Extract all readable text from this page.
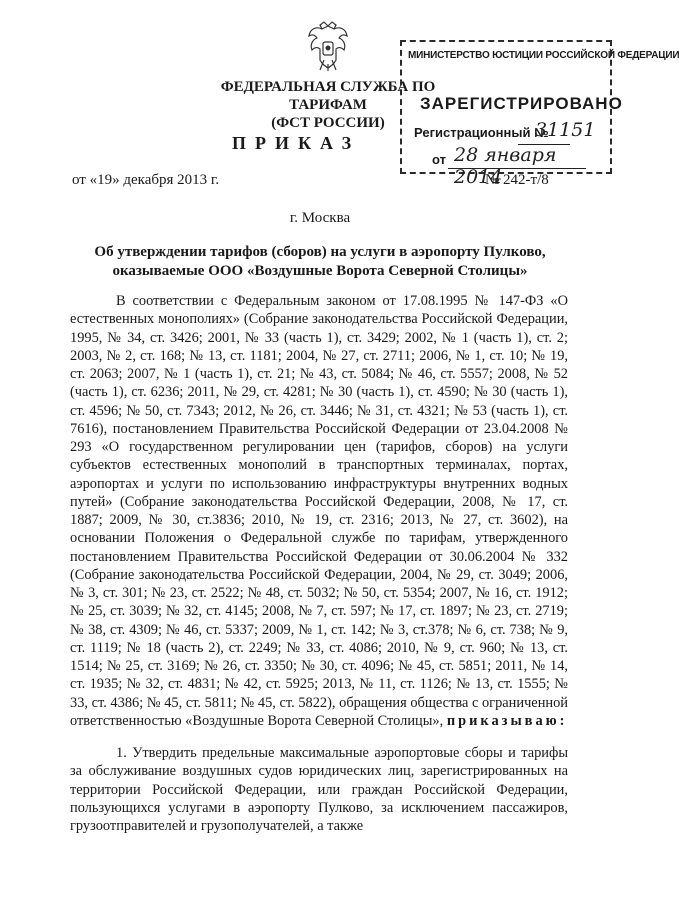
ФЕДЕРАЛЬНАЯ СЛУЖБА ПО ТАРИФАМ
(ФСТ РОССИИ)
МИНИСТЕРСТВО ЮСТИЦИИ РОССИЙСКОЙ ФЕДЕРАЦИИ
ЗАРЕГИСТРИРОВАНО
Регистрационный №
31151
от 28 января 2014
ПРИКАЗ
от «19» декабря 2013 г.	№ 242-т/8
г. Москва
Об утверждении тарифов (сборов) на услуги в аэропорту Пулково,
оказываемые ООО «Воздушные Ворота Северной Столицы»

В соответствии с Федеральным законом от 17.08.1995 № 147-ФЗ «О естественных монополиях» (Собрание законодательства Российской Федерации, 1995, № 34, ст. 3426; 2001, № 33 (часть 1), ст. 3429; 2002, № 1 (часть 1), ст. 2; 2003, № 2, ст. 168; № 13, ст. 1181; 2004, № 27, ст. 2711; 2006, № 1, ст. 10; № 19, ст. 2063; 2007, № 1 (часть 1), ст. 21; № 43, ст. 5084; № 46, ст. 5557; 2008, № 52 (часть 1), ст. 6236; 2011, № 29, ст. 4281; № 30 (часть 1), ст. 4590; № 30 (часть 1), ст. 4596; № 50, ст. 7343; 2012, № 26, ст. 3446; № 31, ст. 4321; № 53 (часть 1), ст. 7616), постановлением Правительства Российской Федерации от 23.04.2008 № 293 «О государственном регулировании цен (тарифов, сборов) на услуги субъектов естественных монополий в транспортных терминалах, портах, аэропортах и услуги по использованию инфраструктуры внутренних водных путей» (Собрание законодательства Российской Федерации, 2008, № 17, ст. 1887; 2009, № 30, ст.3836; 2010, № 19, ст. 2316; 2013, № 27, ст. 3602), на основании Положения о Федеральной службе по тарифам, утвержденного постановлением Правительства Российской Федерации от 30.06.2004 № 332 (Собрание законодательства Российской Федерации, 2004, № 29, ст. 3049; 2006, № 3, ст. 301; № 23, ст. 2522; № 48, ст. 5032; № 50, ст. 5354; 2007, № 16, ст. 1912; № 25, ст. 3039; № 32, ст. 4145; 2008, № 7, ст. 597; № 17, ст. 1897; № 23, ст. 2719; № 38, ст. 4309; № 46, ст. 5337; 2009, № 1, ст. 142; № 3, ст.378; № 6, ст. 738; № 9, ст. 1119; № 18 (часть 2), ст. 2249; № 33, ст. 4086; 2010, № 9, ст. 960; № 13, ст. 1514; № 25, ст. 3169; № 26, ст. 3350; № 30, ст. 4096; № 45, ст. 5851; 2011, № 14, ст. 1935; № 32, ст. 4831; № 42, ст. 5925; 2013, № 11, ст. 1126; № 13, ст. 1555; № 33, ст. 4386; № 45, ст. 5811; № 45, ст. 5822), обращения общества с ограниченной ответственностью «Воздушные Ворота Северной Столицы», приказываю:

1. Утвердить предельные максимальные аэропортовые сборы и тарифы за обслуживание воздушных судов юридических лиц, зарегистрированных на территории Российской Федерации, или граждан Российской Федерации, пользующихся услугами в аэропорту Пулково, за исключением пассажиров, грузоотправителей и грузополучателей, а также
